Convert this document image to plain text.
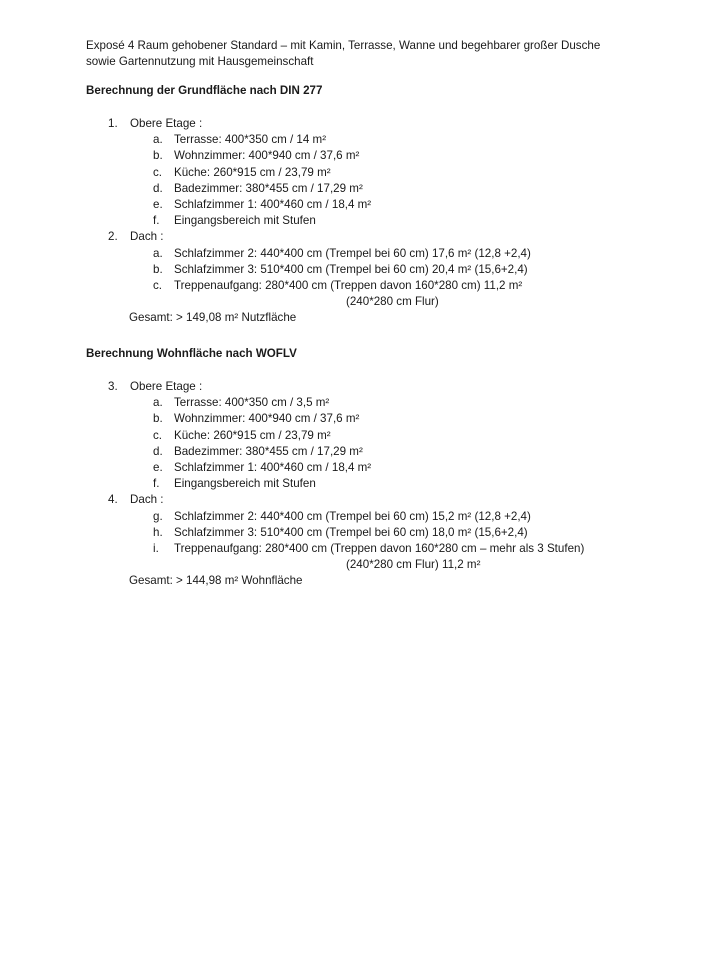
Exposé 4 Raum gehobener Standard – mit Kamin, Terrasse, Wanne und begehbarer großer Dusche

sowie Gartennutzung mit Hausgemeinschaft

Berechnung der Grundfläche nach DIN 277
1. Obere Etage :
a. Terrasse: 400*350 cm / 14 m²
b. Wohnzimmer: 400*940 cm / 37,6 m²
c. Küche: 260*915 cm / 23,79 m²
d. Badezimmer: 380*455 cm / 17,29 m²
e. Schlafzimmer 1: 400*460 cm / 18,4 m²
f. Eingangsbereich mit Stufen
2. Dach :
a. Schlafzimmer 2: 440*400 cm (Trempel bei 60 cm) 17,6 m² (12,8 +2,4)
b. Schlafzimmer 3: 510*400 cm (Trempel bei 60 cm) 20,4 m² (15,6+2,4)
c. Treppenaufgang: 280*400 cm (Treppen davon 160*280 cm) 11,2 m²
(240*280 cm Flur)
Gesamt: > 149,08 m² Nutzfläche
Berechnung Wohnfläche nach WOFLV
3. Obere Etage :
a. Terrasse: 400*350 cm / 3,5 m²
b. Wohnzimmer: 400*940 cm / 37,6 m²
c. Küche: 260*915 cm / 23,79 m²
d. Badezimmer: 380*455 cm / 17,29 m²
e. Schlafzimmer 1: 400*460 cm / 18,4 m²
f. Eingangsbereich mit Stufen
4. Dach :
g. Schlafzimmer 2: 440*400 cm (Trempel bei 60 cm) 15,2 m² (12,8 +2,4)
h. Schlafzimmer 3: 510*400 cm (Trempel bei 60 cm) 18,0 m² (15,6+2,4)
i. Treppenaufgang: 280*400 cm (Treppen davon 160*280 cm – mehr als 3 Stufen)
(240*280 cm Flur) 11,2 m²
Gesamt: > 144,98 m² Wohnfläche
